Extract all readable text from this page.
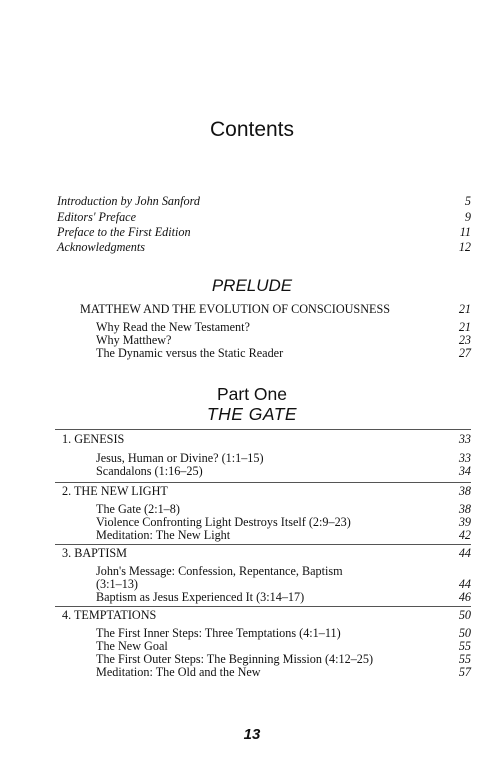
Contents
Introduction by John Sanford	5
Editors' Preface	9
Preface to the First Edition	11
Acknowledgments	12
PRELUDE
MATTHEW AND THE EVOLUTION OF CONSCIOUSNESS	21
Why Read the New Testament?	21
Why Matthew?	23
The Dynamic versus the Static Reader	27
Part One
THE GATE
1. GENESIS	33
Jesus, Human or Divine? (1:1–15)	33
Scandalons (1:16–25)	34
2. THE NEW LIGHT	38
The Gate (2:1–8)	38
Violence Confronting Light Destroys Itself (2:9–23)	39
Meditation: The New Light	42
3. BAPTISM	44
John's Message: Confession, Repentance, Baptism
(3:1–13)	44
Baptism as Jesus Experienced It (3:14–17)	46
4. TEMPTATIONS	50
The First Inner Steps: Three Temptations (4:1–11)	50
The New Goal	55
The First Outer Steps: The Beginning Mission (4:12–25)	55
Meditation: The Old and the New	57
13
